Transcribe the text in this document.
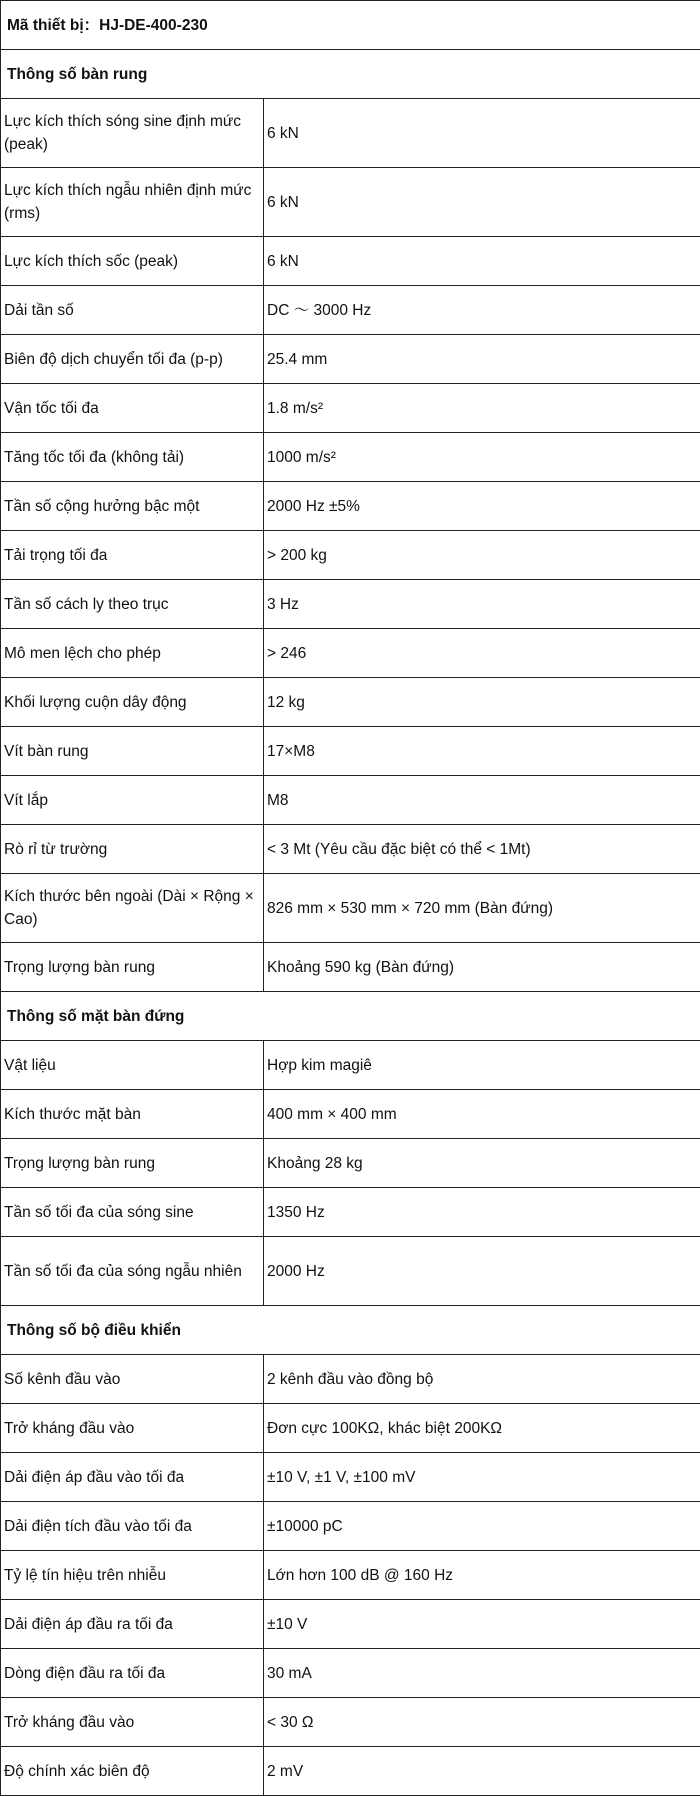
Mã thiết bị：HJ-DE-400-230	
Thông số bàn rung	
Lực kích thích sóng sine định mức (peak)	6 kN
Lực kích thích ngẫu nhiên định mức (rms)	6 kN
Lực kích thích sốc (peak)	6 kN
Dải tần số	DC ～ 3000 Hz
Biên độ dịch chuyển tối đa (p-p)	25.4 mm
Vận tốc tối đa	1.8 m/s²
Tăng tốc tối đa (không tải)	1000 m/s²
Tần số cộng hưởng bậc một	2000 Hz ±5%
Tải trọng tối đa	> 200 kg
Tần số cách ly theo trục	3 Hz
Mô men lệch cho phép	> 246
Khối lượng cuộn dây động	12 kg
Vít bàn rung	17×M8
Vít lắp	M8
Rò rỉ từ trường	< 3 Mt (Yêu cầu đặc biệt có thể < 1Mt)
Kích thước bên ngoài (Dài × Rộng × Cao)	826 mm × 530 mm × 720 mm (Bàn đứng)
Trọng lượng bàn rung	Khoảng 590 kg (Bàn đứng)
Thông số mặt bàn đứng	
Vật liệu	Hợp kim magiê
Kích thước mặt bàn	400 mm × 400 mm
Trọng lượng bàn rung	Khoảng 28 kg
Tần số tối đa của sóng sine	1350 Hz
Tần số tối đa của sóng ngẫu nhiên	2000 Hz
Thông số bộ điều khiển	
Số kênh đầu vào	2 kênh đầu vào đồng bộ
Trở kháng đầu vào	Đơn cực 100KΩ, khác biệt 200KΩ
Dải điện áp đầu vào tối đa	±10 V, ±1 V, ±100 mV
Dải điện tích đầu vào tối đa	±10000 pC
Tỷ lệ tín hiệu trên nhiễu	Lớn hơn 100 dB @ 160 Hz
Dải điện áp đầu ra tối đa	±10 V
Dòng điện đầu ra tối đa	30 mA
Trở kháng đầu vào	< 30 Ω
Độ chính xác biên độ	2 mV
